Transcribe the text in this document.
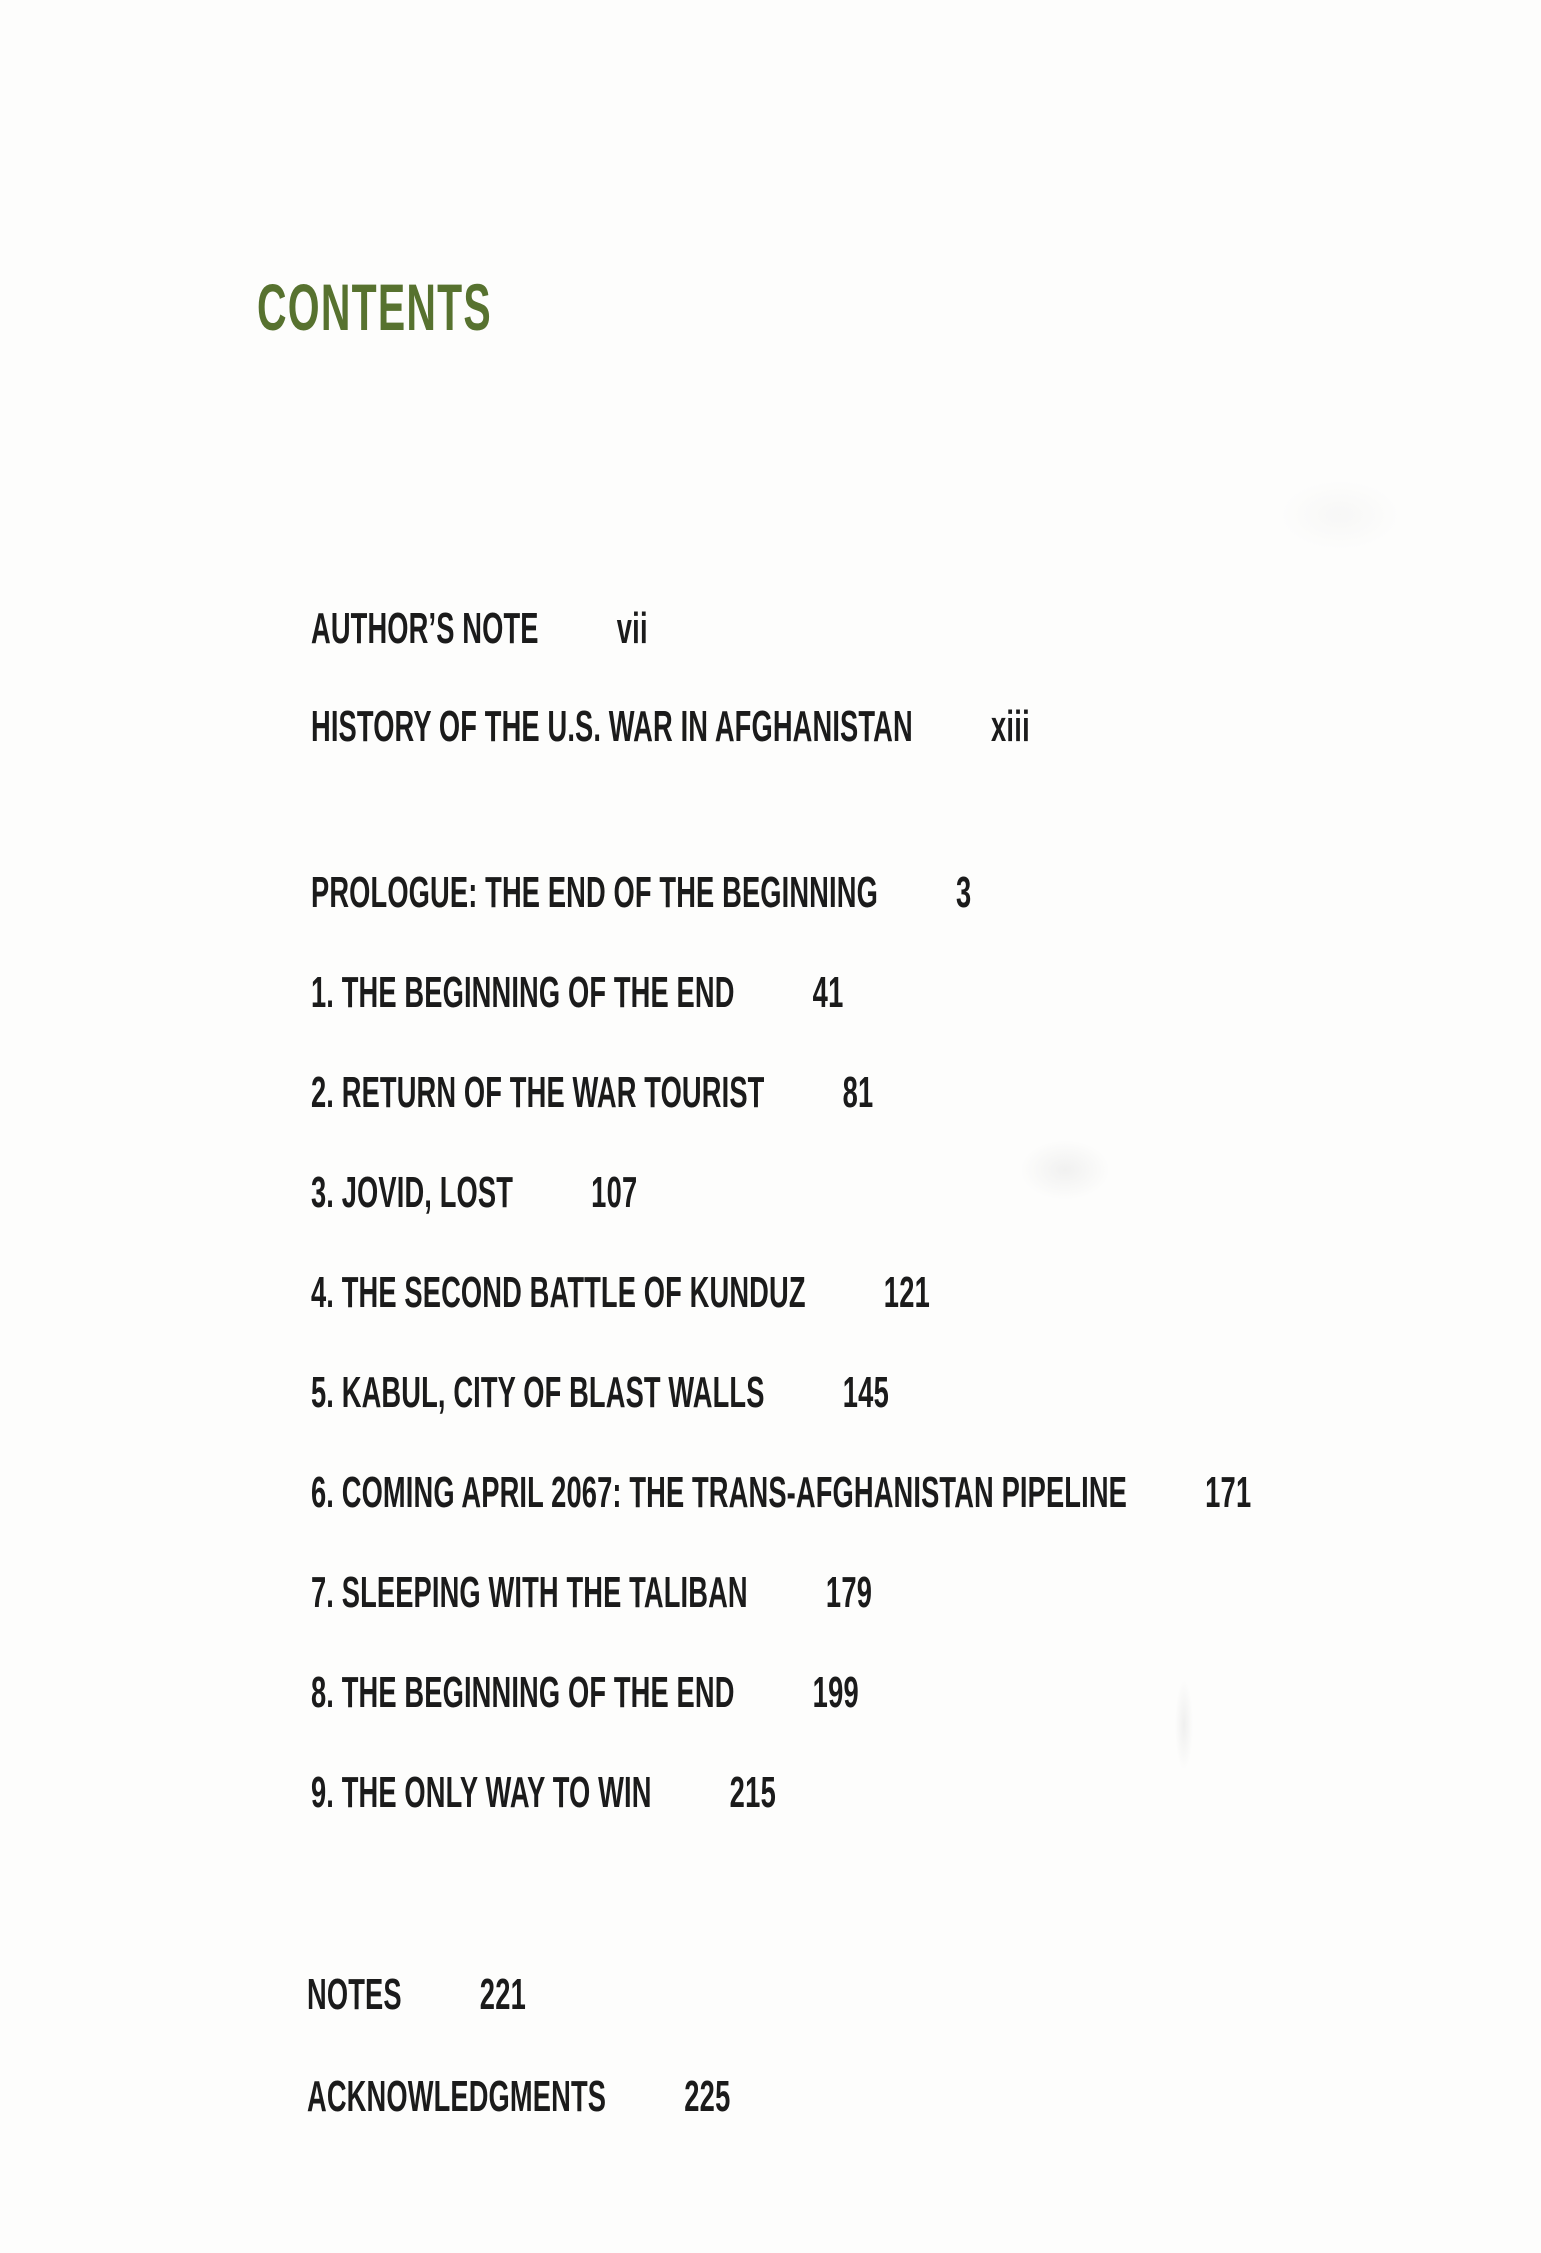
CONTENTS
AUTHOR’S NOTE vii
HISTORY OF THE U.S. WAR IN AFGHANISTAN xiii
PROLOGUE: THE END OF THE BEGINNING 3
1. THE BEGINNING OF THE END 41
2. RETURN OF THE WAR TOURIST 81
3. JOVID, LOST 107
4. THE SECOND BATTLE OF KUNDUZ 121
5. KABUL, CITY OF BLAST WALLS 145
6. COMING APRIL 2067: THE TRANS-AFGHANISTAN PIPELINE 171
7. SLEEPING WITH THE TALIBAN 179
8. THE BEGINNING OF THE END 199
9. THE ONLY WAY TO WIN 215
NOTES 221
ACKNOWLEDGMENTS 225
